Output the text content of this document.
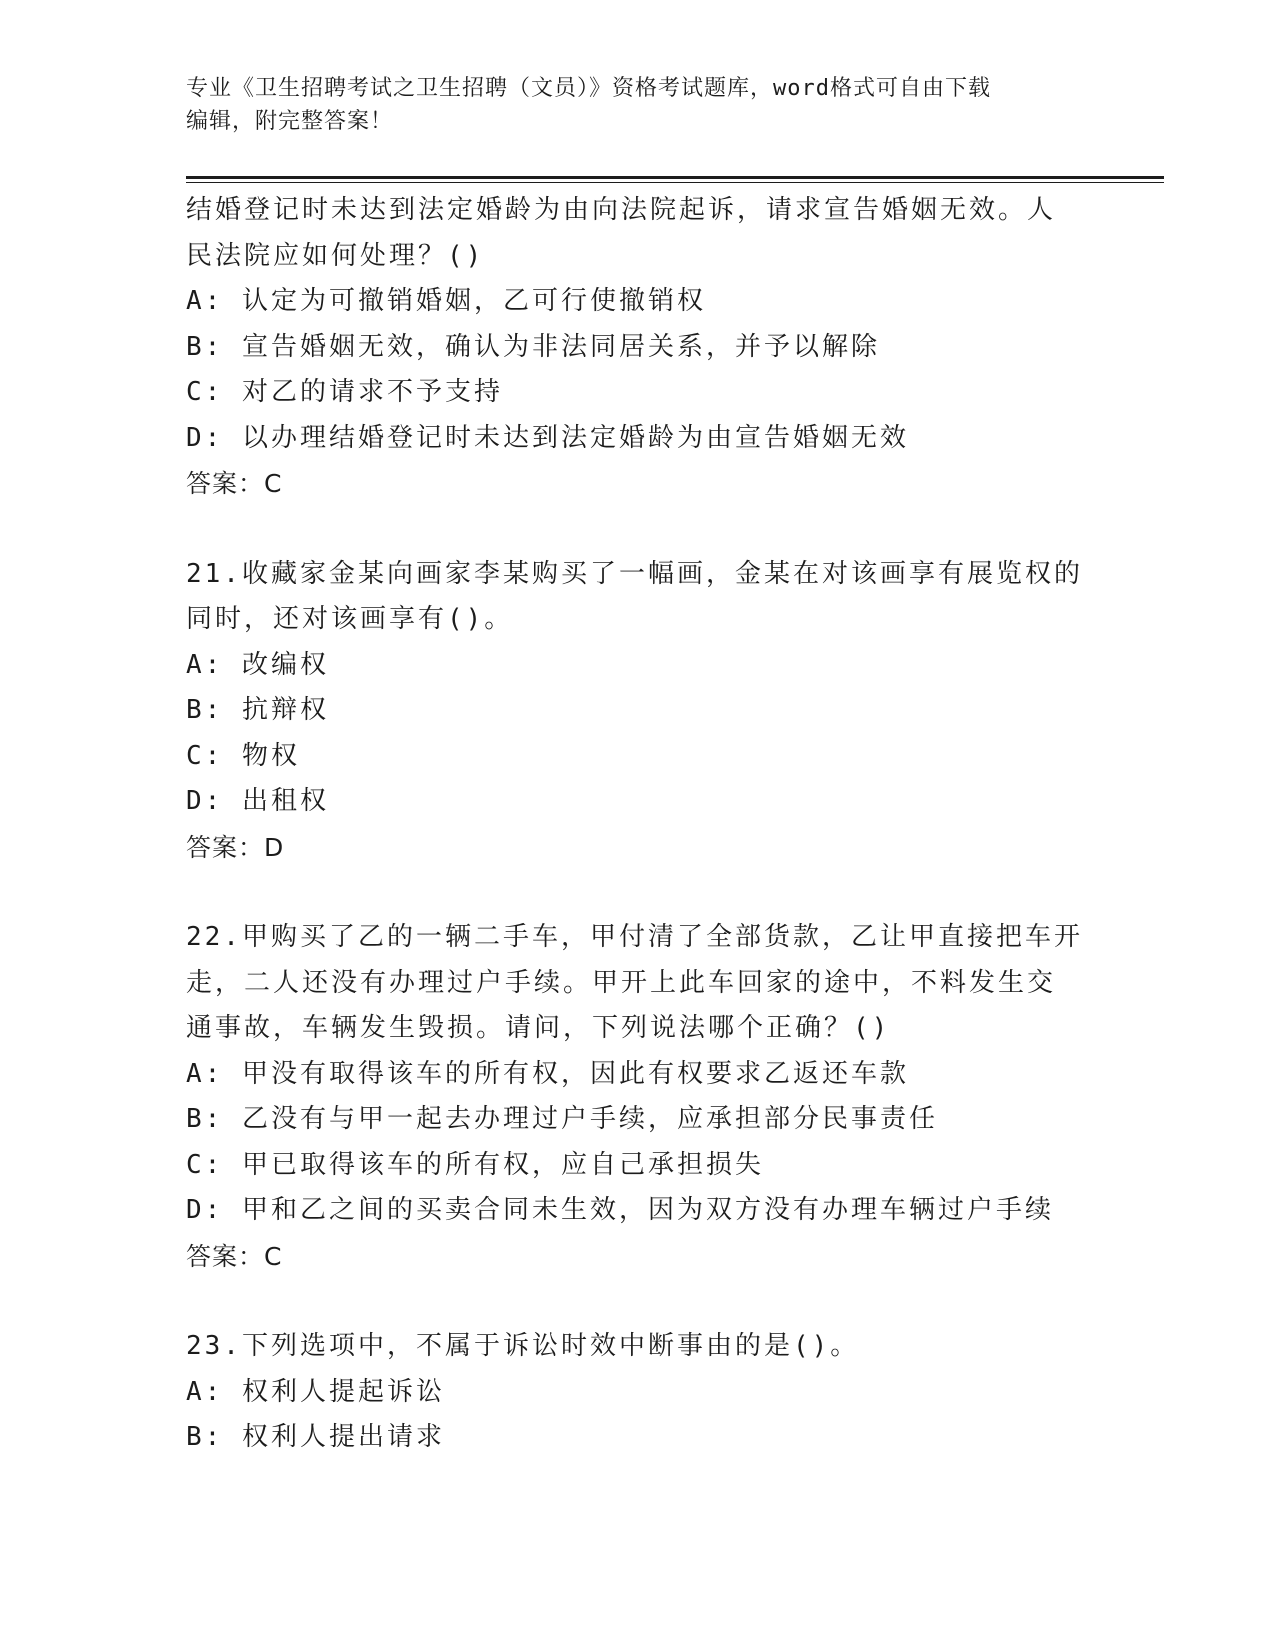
专业《卫生招聘考试之卫生招聘（文员）》资格考试题库，word格式可自由下载
编辑，附完整答案！
结婚登记时未达到法定婚龄为由向法院起诉，请求宣告婚姻无效。人
民法院应如何处理？()
A: 认定为可撤销婚姻，乙可行使撤销权
B: 宣告婚姻无效，确认为非法同居关系，并予以解除
C: 对乙的请求不予支持
D: 以办理结婚登记时未达到法定婚龄为由宣告婚姻无效
答案：C
21.收藏家金某向画家李某购买了一幅画，金某在对该画享有展览权的
同时，还对该画享有()。
A: 改编权
B: 抗辩权
C: 物权
D: 出租权
答案：D
22.甲购买了乙的一辆二手车，甲付清了全部货款，乙让甲直接把车开
走，二人还没有办理过户手续。甲开上此车回家的途中，不料发生交
通事故，车辆发生毁损。请问，下列说法哪个正确？()
A: 甲没有取得该车的所有权，因此有权要求乙返还车款
B: 乙没有与甲一起去办理过户手续，应承担部分民事责任
C: 甲已取得该车的所有权，应自己承担损失
D: 甲和乙之间的买卖合同未生效，因为双方没有办理车辆过户手续
答案：C
23.下列选项中，不属于诉讼时效中断事由的是()。
A: 权利人提起诉讼
B: 权利人提出请求
